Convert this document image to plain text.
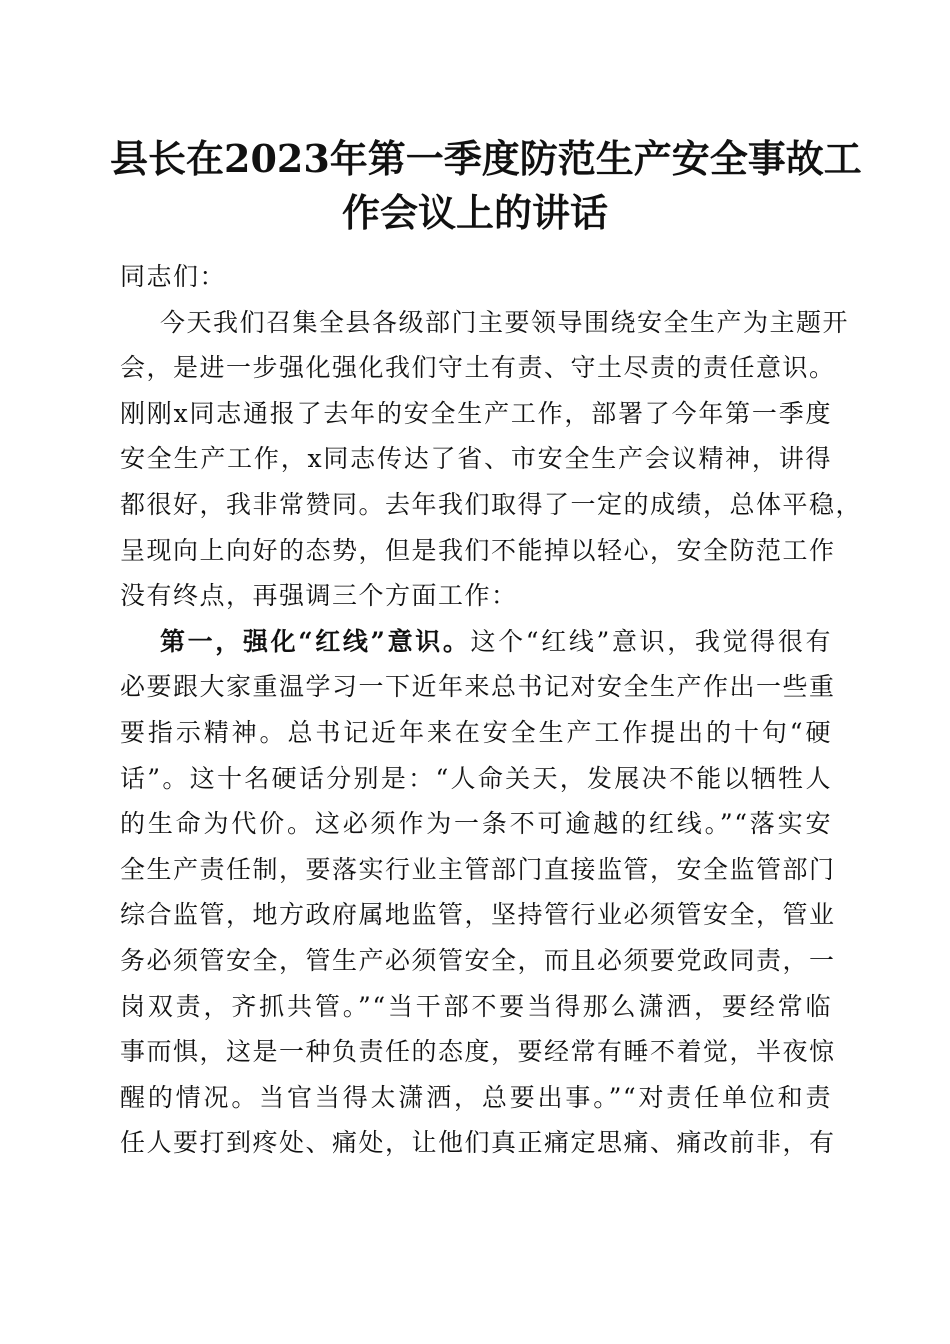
县长在2023年第一季度防范生产安全事故工
作会议上的讲话
同志们：
今天我们召集全县各级部门主要领导围绕安全生产为主题开
会，是进一步强化强化我们守土有责、守土尽责的责任意识。
刚刚x同志通报了去年的安全生产工作，部署了今年第一季度
安全生产工作，x同志传达了省、市安全生产会议精神，讲得
都很好，我非常赞同。去年我们取得了一定的成绩，总体平稳，
呈现向上向好的态势，但是我们不能掉以轻心，安全防范工作
没有终点，再强调三个方面工作：
第一，强化“红线”意识。这个“红线”意识，我觉得很有
必要跟大家重温学习一下近年来总书记对安全生产作出一些重
要指示精神。总书记近年来在安全生产工作提出的十句“硬
话”。这十名硬话分别是：“人命关天，发展决不能以牺牲人
的生命为代价。这必须作为一条不可逾越的红线。”“落实安
全生产责任制，要落实行业主管部门直接监管，安全监管部门
综合监管，地方政府属地监管，坚持管行业必须管安全，管业
务必须管安全，管生产必须管安全，而且必须要党政同责，一
岗双责，齐抓共管。”“当干部不要当得那么潇洒，要经常临
事而惧，这是一种负责任的态度，要经常有睡不着觉，半夜惊
醒的情况。当官当得太潇洒，总要出事。”“对责任单位和责
任人要打到疼处、痛处，让他们真正痛定思痛、痛改前非，有
